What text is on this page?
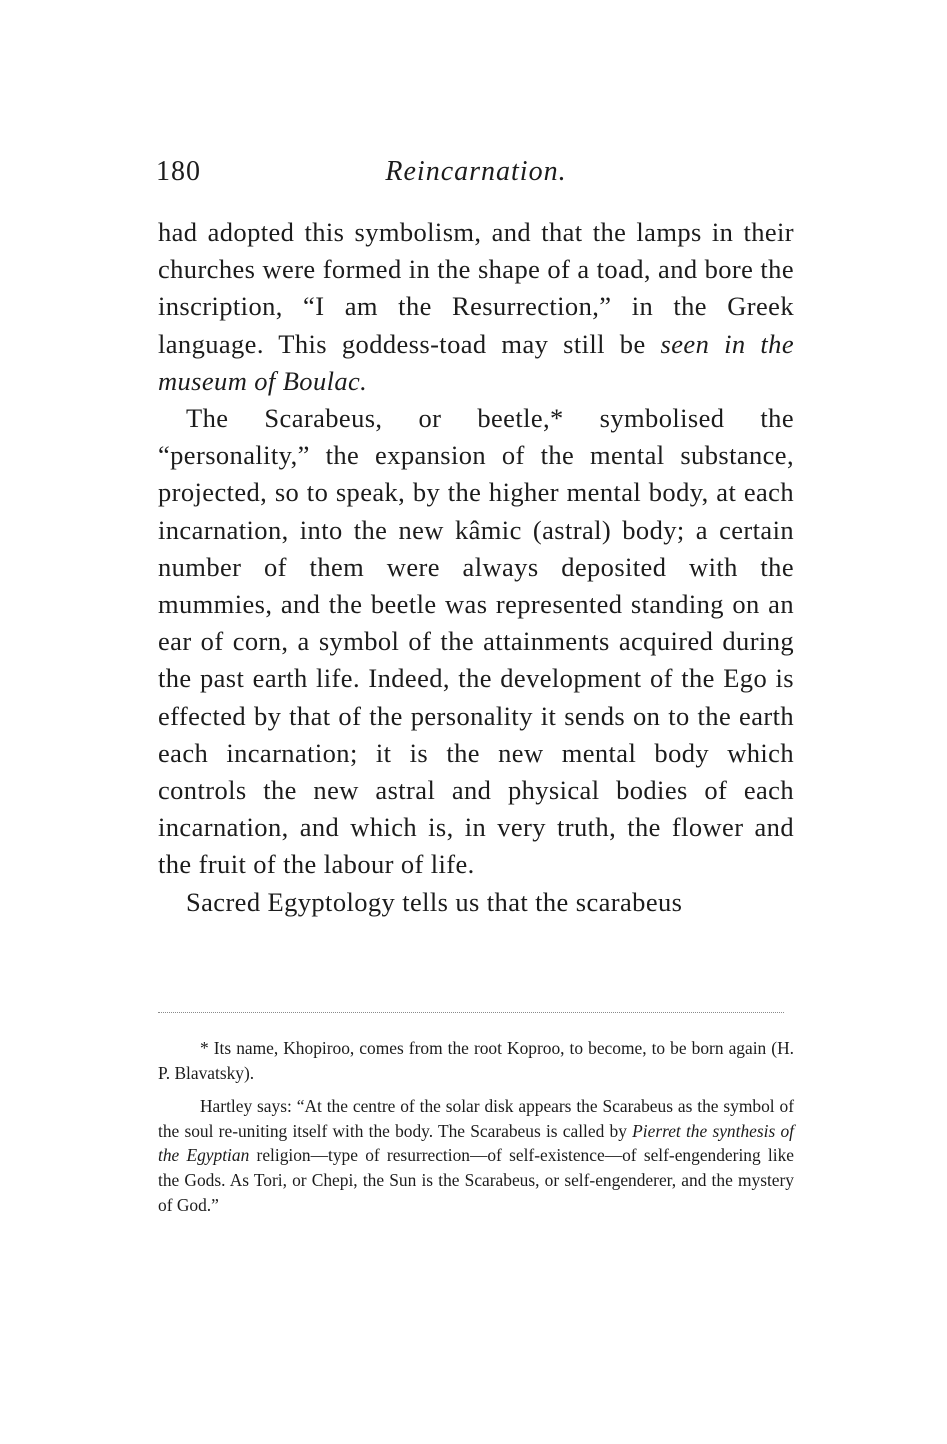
180	Reincarnation.

had adopted this symbolism, and that the lamps in their churches were formed in the shape of a toad, and bore the inscription, “I am the Resurrection,” in the Greek language. This goddess-toad may still be seen in the museum of Boulac.

The Scarabeus, or beetle,* symbolised the “personality,” the expansion of the mental substance, projected, so to speak, by the higher mental body, at each incarnation, into the new kâmic (astral) body; a certain number of them were always deposited with the mummies, and the beetle was represented standing on an ear of corn, a symbol of the attainments acquired during the past earth life. Indeed, the development of the Ego is effected by that of the personality it sends on to the earth each incarnation; it is the new mental body which controls the new astral and physical bodies of each incarnation, and which is, in very truth, the flower and the fruit of the labour of life.

Sacred Egyptology tells us that the scarabeus

* Its name, Khopiroo, comes from the root Koproo, to become, to be born again (H. P. Blavatsky).

Hartley says: “At the centre of the solar disk appears the Scarabeus as the symbol of the soul re-uniting itself with the body. The Scarabeus is called by Pierret the synthesis of the Egyptian religion—type of resurrection—of self-existence—of self-engendering like the Gods. As Tori, or Chepi, the Sun is the Scarabeus, or self-engenderer, and the mystery of God.”
